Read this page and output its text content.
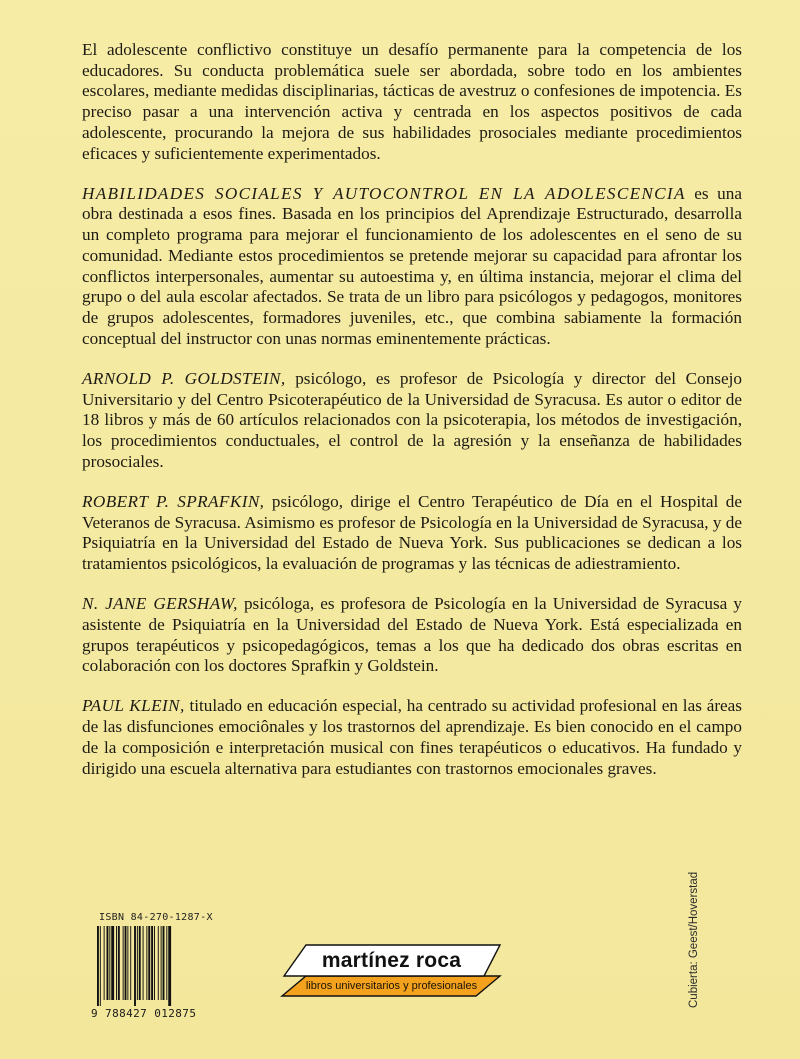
El adolescente conflictivo constituye un desafío permanente para la competencia de los educadores. Su conducta problemática suele ser abordada, sobre todo en los ambientes escolares, mediante medidas disciplinarias, tácticas de avestruz o confesiones de impotencia. Es preciso pasar a una intervención activa y centrada en los aspectos positivos de cada adolescente, procurando la mejora de sus habilidades prosociales mediante procedimientos eficaces y suficientemente experimentados.

HABILIDADES SOCIALES Y AUTOCONTROL EN LA ADOLESCENCIA es una obra destinada a esos fines. Basada en los principios del Aprendizaje Estructurado, desarrolla un completo programa para mejorar el funcionamiento de los adolescentes en el seno de su comunidad. Mediante estos procedimientos se pretende mejorar su capacidad para afrontar los conflictos interpersonales, aumentar su autoestima y, en última instancia, mejorar el clima del grupo o del aula escolar afectados. Se trata de un libro para psicólogos y pedagogos, monitores de grupos adolescentes, formadores juveniles, etc., que combina sabiamente la formación conceptual del instructor con unas normas eminentemente prácticas.

ARNOLD P. GOLDSTEIN, psicólogo, es profesor de Psicología y director del Consejo Universitario y del Centro Psicoterapéutico de la Universidad de Syracusa. Es autor o editor de 18 libros y más de 60 artículos relacionados con la psicoterapia, los métodos de investigación, los procedimientos conductuales, el control de la agresión y la enseñanza de habilidades prosociales.

ROBERT P. SPRAFKIN, psicólogo, dirige el Centro Terapéutico de Día en el Hospital de Veteranos de Syracusa. Asimismo es profesor de Psicología en la Universidad de Syracusa, y de Psiquiatría en la Universidad del Estado de Nueva York. Sus publicaciones se dedican a los tratamientos psicológicos, la evaluación de programas y las técnicas de adiestramiento.

N. JANE GERSHAW, psicóloga, es profesora de Psicología en la Universidad de Syracusa y asistente de Psiquiatría en la Universidad del Estado de Nueva York. Está especializada en grupos terapéuticos y psicopedagógicos, temas a los que ha dedicado dos obras escritas en colaboración con los doctores Sprafkin y Goldstein.

PAUL KLEIN, titulado en educación especial, ha centrado su actividad profesional en las áreas de las disfunciones emociônales y los trastornos del aprendizaje. Es bien conocido en el campo de la composición e interpretación musical con fines terapéuticos o educativos. Ha fundado y dirigido una escuela alternativa para estudiantes con trastornos emocionales graves.

ISBN 84-270-1287-X
9 788427 012875
martínez roca
libros universitarios y profesionales	Cubierta: Geest/Hoverstad
